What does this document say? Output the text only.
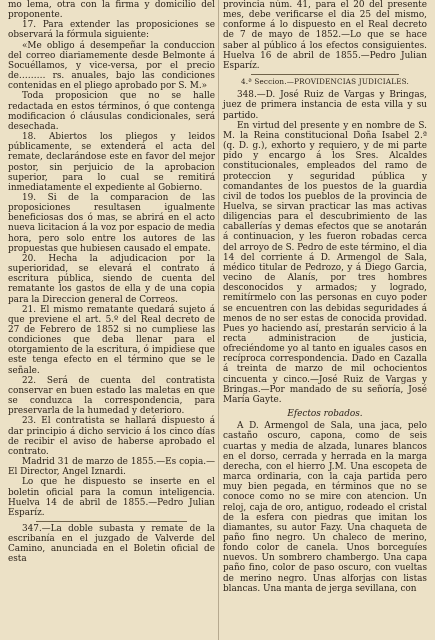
mo lema, otra con la firma y domicilio del proponente.

17. Para extender las proposiciones se observará la fórmula siguiente:

«Me obligo á desempeñar la conduccion del correo diariamemente desde Belmonte á Socuéllamos, y vice-versa, por el precio de……… rs. anuales, bajo las condiciones contenidas en el pliego aprobado por S. M.»

Toda proposicion que no se halle redactada en estos términos, ó que contenga modificacion ó cláusulas condicionales, será desechada.

18. Abiertos los pliegos y leidos públicamente, se extenderá el acta del remate, declarándose este en favor del mejor postor, sin perjuicio de la aprobacion superior, para lo cual se remitirá inmediatamente el expediente al Gobierno.

19. Si de la comparacion de las proposiciones resultasen igualmente beneficiosas dos ó mas, se abrirá en el acto nueva licitacion á la voz por espacio de media hora, pero solo entre los autores de las propuestas que hubiesen causado el empate.

20. Hecha la adjudicacion por la superioridad, se elevará el contrato á escritura pública, siendo de cuenta del rematante los gastos de ella y de una copia para la Direccion general de Correos.

21. El mismo rematante quedará sujeto á que previene el art. 5.º del Real decreto de 27 de Febrero de 1852 si no cumpliese las condiciones que deba llenar para el otorgamiento de la escritura, ó impidiese que este tenga efecto en el término que se le señale.

22. Será de cuenta del contratista conservar en buen estado las maletas en que se conduzca la correspondencia, para preservarla de la humedad y deterioro.

23. El contratista se hallará dispuesto á dar principio á dicho servicio á los cinco días de recibir el aviso de haberse aprobado el contrato.

Madrid 31 de marzo de 1855.—Es copia.—El Director, Angel Iznardi.

Lo que he dispuesto se inserte en el boletin oficial para la comun inteligencia. Huelva 14 de abril de 1855.—Pedro Julian Esparíz.

347.—La doble subasta y remate de la escribanía en el juzgado de Valverde del Camino, anunciada en el Boletin oficial de esta

provincia núm. 41, para el 20 del presente mes, debe verificarse el dia 25 del mismo, conforme á lo dispuesto en el Real decreto de 7 de mayo de 1852.—Lo que se hace saber al público á los efectos consiguientes. Huelva 16 de abril de 1855.—Pedro Julian Esparíz.

4.ª Seccion.—PROVIDENCIAS JUDICIALES.

348.—D. José Ruiz de Vargas y Bringas, juez de primera instancia de esta villa y su partido.

En virtud del presente y en nombre de S. M. la Reina constitucional Doña Isabel 2.ª (q. D. g.), exhorto y requiero, y de mi parte pido y encargo á los Sres. Alcaldes constitucionales, empleados del ramo de proteccion y seguridad pública y comandantes de los puestos de la guardia civil de todos los pueblos de la provincia de Huelva, se sirvan practicar las mas activas diligencias para el descubrimiento de las caballerías y demas efectos que se anotarán á continuacion, y les fueron robadas cerca del arroyo de S. Pedro de este término, el dia 14 del corriente á D. Armengol de Sala, médico titular de Pedrozo, y á Diego Garcia, vecino de Alanís, por tres hombres desconocidos y armados; y logrado, remitírmelo con las personas en cuyo poder se encuentren con las debidas seguridades á menos de no ser estas de conocida providad. Pues yo haciendo así, prestarán servicio á la recta administracion de justicia, ofreciéndome yo al tanto en iguales casos en recíproca correspondencia. Dado en Cazalla á treinta de marzo de mil ochocientos cincuenta y cinco.—José Ruiz de Vargas y Bringas.—Por mandado de su señoría, José María Gayte.

Efectos robados.

A D. Armengol de Sala, una jaca, pelo castaño oscuro, capona, como de seis cuartas y media de alzada, lunares blancos en el dorso, cerrada y herrada en la marga derecha, con el hierro J.M. Una escopeta de marca ordinaria, con la caja partida pero muy bien pegada, en términos que no se conoce como no se mire con atencion. Un reloj, caja de oro, antiguo, rodeado el cristal de la esfera con piedras que imitan los diamantes, su autor Fazy. Una chaqueta de paño fino negro. Un chaleco de merino, fondo color de canela. Unos borceguíes nuevos. Un sombrero chambergo. Una capa paño fino, color de paso oscuro, con vueltas de merino negro. Unas alforjas con listas blancas. Una manta de jerga sevillana, con
